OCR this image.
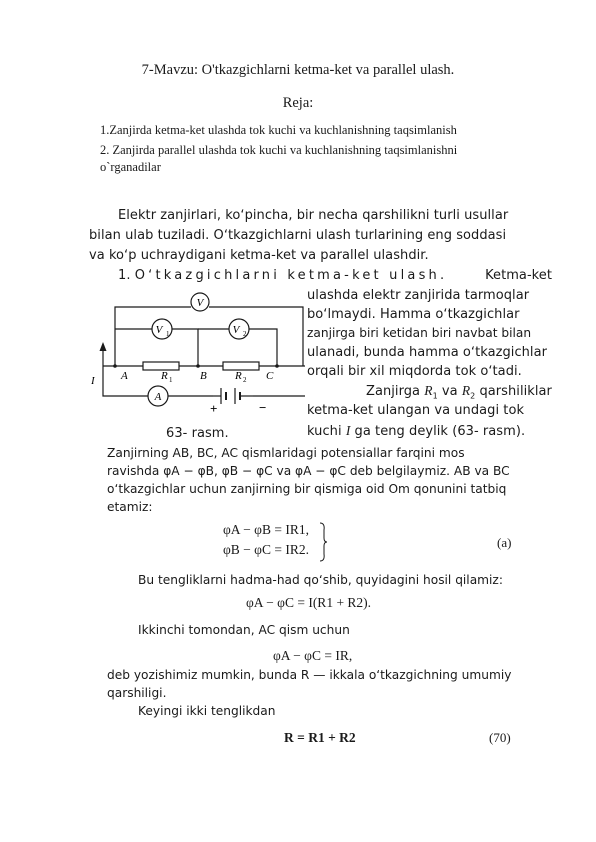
7-Mavzu: O'tkazgichlarni ketma-ket va parallel ulash.
Reja:
1.Zanjirda ketma-ket ulashda tok kuchi va kuchlanishning taqsimlanish
2. Zanjirda parallel ulashda tok kuchi va kuchlanishning taqsimlanishni
o`rganadilar
Elektr zanjirlari, koʻpincha, bir necha qarshilikni turli usullar
bilan ulab tuziladi. Oʻtkazgichlarni ulash turlarining eng soddasi
va koʻp uchraydigani ketma-ket va parallel ulashdir.
1. Oʻtkazgichlarni ketma-ket ulash.	Ketma-ket
ulashda elektr zanjirida tarmoqlar
boʻlmaydi. Hamma oʻtkazgichlar
zanjirga biri ketidan biri navbat bilan
ulanadi, bunda hamma oʻtkazgichlar
orqali bir xil miqdorda tok oʻtadi.
Zanjirga $R_1$ va $R_2$ qarshiliklar
ketma-ket ulangan va undagi tok
kuchi I ga teng deylik (63- rasm).
V
V 1	V 2
A
A	B	C
R 1	R 2
I
+	−
63- rasm.
Zanjirning AB, BC, AC qismlaridagi potensiallar farqini mos
ravishda φA − φB, φB − φC va φA − φC deb belgilaymiz. AB va BC
oʻtkazgichlar uchun zanjirning bir qismiga oid Om qonunini tatbiq
etamiz:
φA − φB = IR1,
φB − φC = IR2.	(a)
Bu tengliklarni hadma-had qoʻshib, quyidagini hosil qilamiz:
φA − φC = I(R1 + R2).
Ikkinchi tomondan, AC qism uchun
φA − φC = IR,
deb yozishimiz mumkin, bunda R — ikkala oʻtkazgichning umumiy
qarshiligi.
Keyingi ikki tenglikdan
R = R1 + R2	(70)
